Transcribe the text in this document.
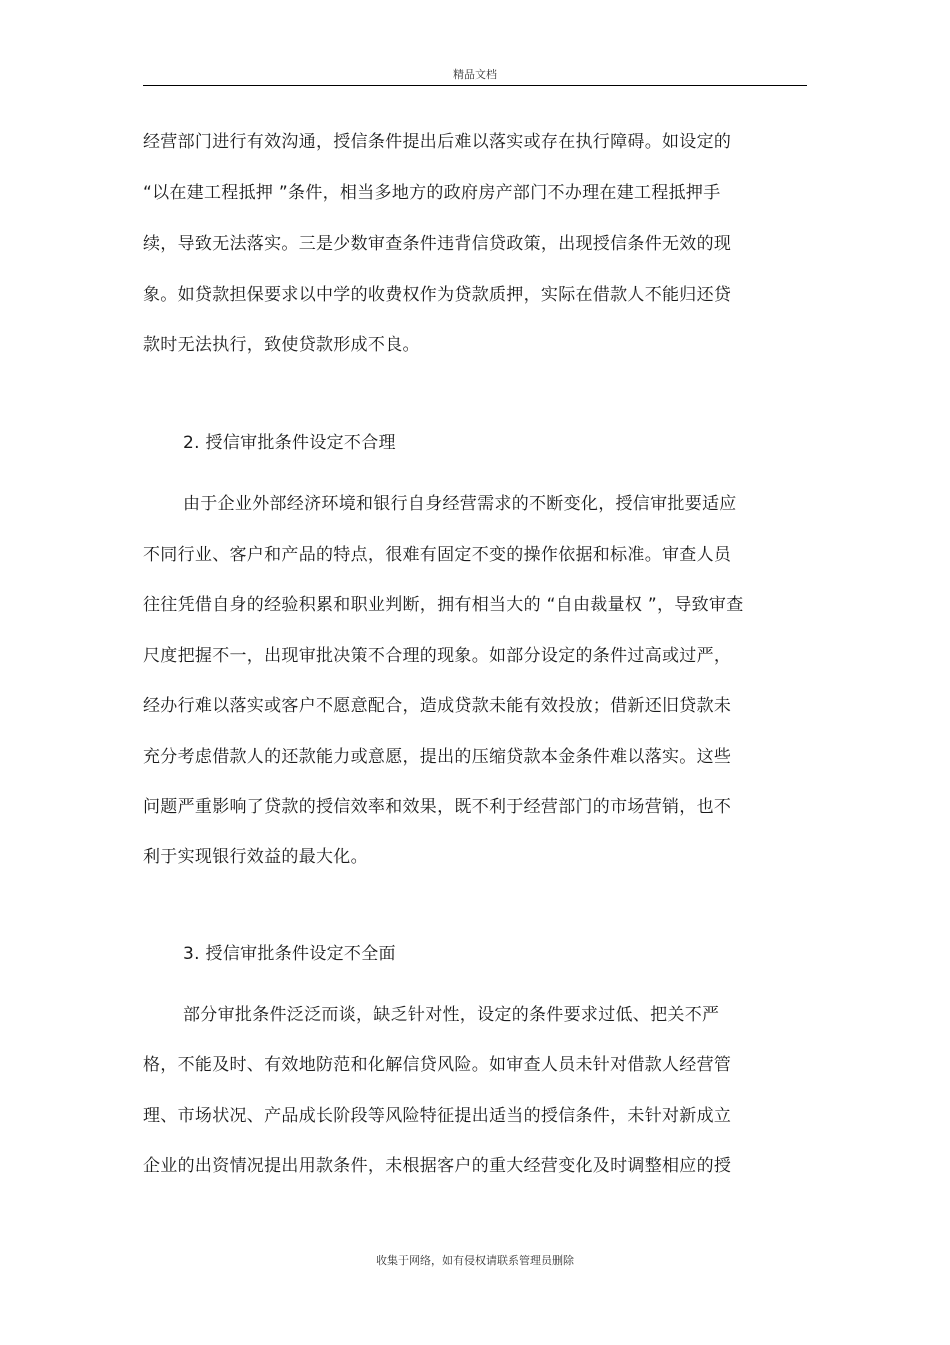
精品文档
经营部门进行有效沟通，授信条件提出后难以落实或存在执行障碍。如设定的
“以在建工程抵押 ”条件，相当多地方的政府房产部门不办理在建工程抵押手
续，导致无法落实。三是少数审查条件违背信贷政策，出现授信条件无效的现
象。如贷款担保要求以中学的收费权作为贷款质押，实际在借款人不能归还贷
款时无法执行，致使贷款形成不良。
2. 授信审批条件设定不合理
由于企业外部经济环境和银行自身经营需求的不断变化，授信审批要适应
不同行业、客户和产品的特点，很难有固定不变的操作依据和标准。审查人员
往往凭借自身的经验积累和职业判断，拥有相当大的 “自由裁量权 ”，导致审查
尺度把握不一，出现审批决策不合理的现象。如部分设定的条件过高或过严，
经办行难以落实或客户不愿意配合，造成贷款未能有效投放；借新还旧贷款未
充分考虑借款人的还款能力或意愿，提出的压缩贷款本金条件难以落实。这些
问题严重影响了贷款的授信效率和效果，既不利于经营部门的市场营销，也不
利于实现银行效益的最大化。
3. 授信审批条件设定不全面
部分审批条件泛泛而谈，缺乏针对性，设定的条件要求过低、把关不严
格，不能及时、有效地防范和化解信贷风险。如审查人员未针对借款人经营管
理、市场状况、产品成长阶段等风险特征提出适当的授信条件，未针对新成立
企业的出资情况提出用款条件，未根据客户的重大经营变化及时调整相应的授
收集于网络，如有侵权请联系管理员删除
